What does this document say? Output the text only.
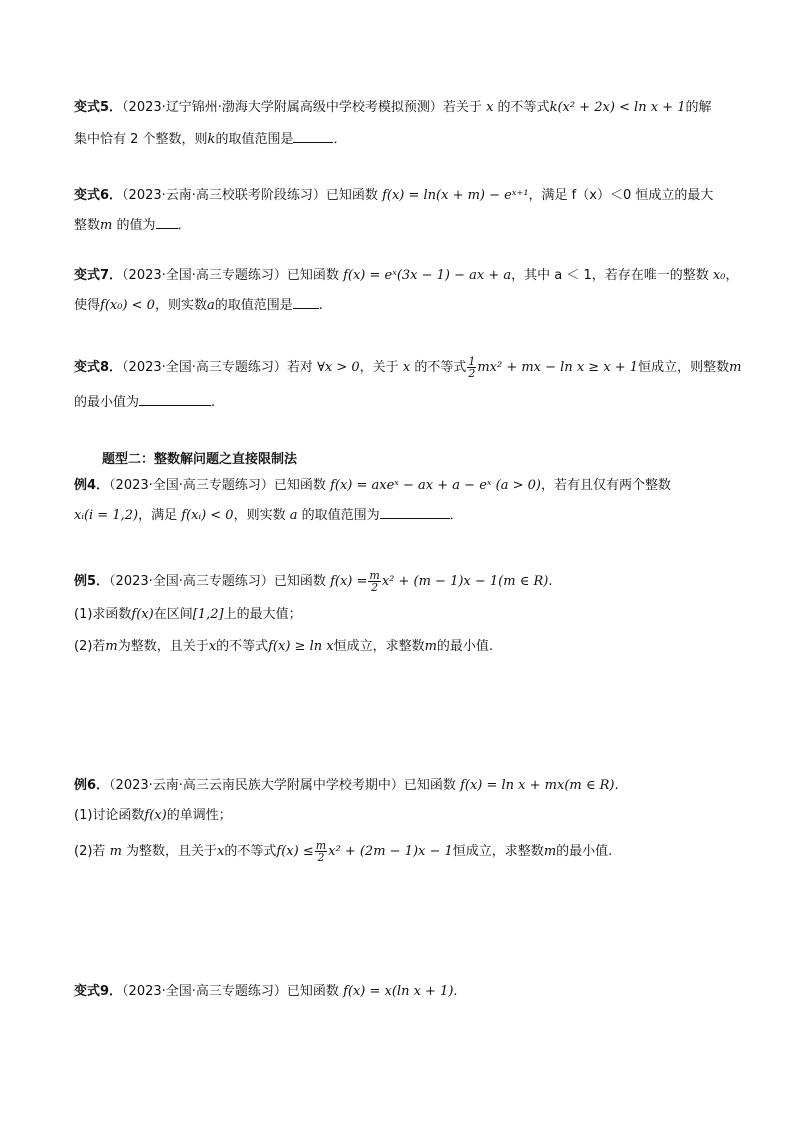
变式5．（2023·辽宁锦州·渤海大学附属高级中学校考模拟预测）若关于 x 的不等式k(x² + 2x) < ln x + 1的解
集中恰有 2 个整数，则k的取值范围是	．
变式6．（2023·云南·高三校联考阶段练习）已知函数 f(x) = ln(x + m) − eˣ⁺¹，满足 f（x）＜0 恒成立的最大
整数m 的值为 ．
变式7．（2023·全国·高三专题练习）已知函数 f(x) = eˣ(3x − 1) − ax + a，其中 a ＜ 1，若存在唯一的整数 x₀，
使得f(x₀) < 0，则实数a的取值范围是 .
变式8．（2023·全国·高三专题练习）若对 ∀x > 0，关于 x 的不等式 $\frac{1}{2} mx^2$ + mx − ln x ≥ x + 1恒成立，则整数m
的最小值为	.
题型二：整数解问题之直接限制法
例4．（2023·全国·高三专题练习）已知函数 f(x) = axeˣ − ax + a − eˣ (a > 0)，若有且仅有两个整数
xᵢ(i = 1,2)，满足 f(xᵢ) < 0，则实数 a 的取值范围为	．
例5．（2023·全国·高三专题练习）已知函数 $f(x) = \frac{m}{2} x^2 + (m - 1)x - 1(m$ ∈ R).
(1)求函数f(x)在区间[1,2]上的最大值；
(2)若m为整数，且关于x的不等式f(x) ≥ ln x恒成立，求整数m的最小值.
例6．（2023·云南·高三云南民族大学附属中学校考期中）已知函数 f(x) = ln x + mx(m ∈ R).
(1)讨论函数f(x)的单调性；
(2)若 m 为整数，且关于x的不等式$f(x) \le \frac{m}{2} x^2 + (2m - 1)x - 1$恒成立，求整数m的最小值.
变式9．（2023·全国·高三专题练习）已知函数 f(x) = x(ln x + 1).
